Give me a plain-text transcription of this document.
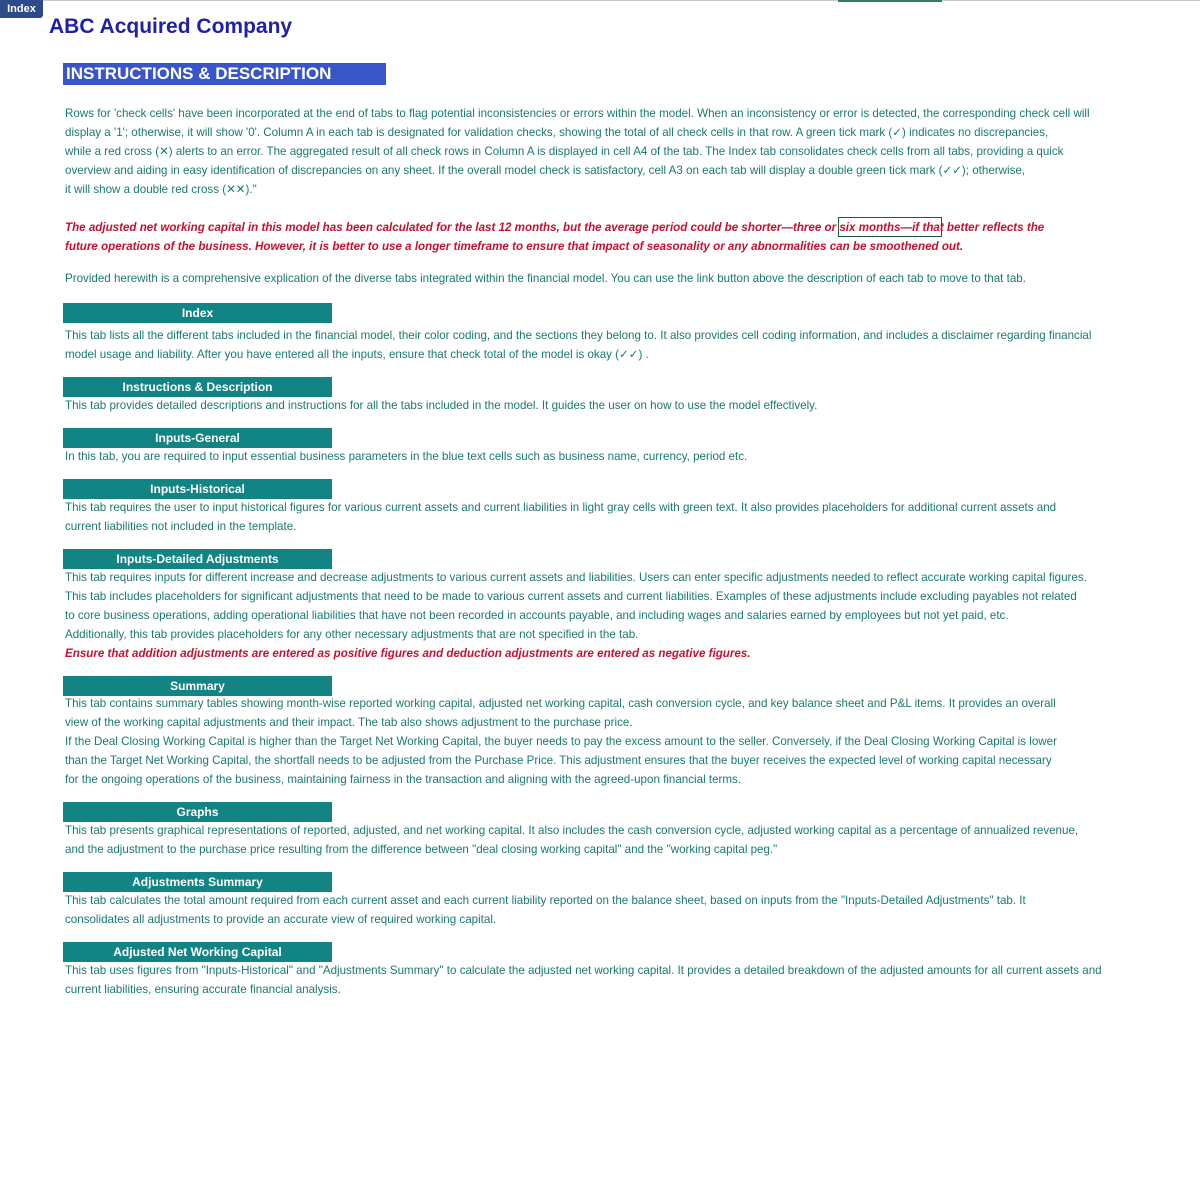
Index
ABC Acquired Company
INSTRUCTIONS & DESCRIPTION

Rows for 'check cells' have been incorporated at the end of tabs to flag potential inconsistencies or errors within the model. When an inconsistency or error is detected, the corresponding check cell will
display a '1'; otherwise, it will show '0'. Column A in each tab is designated for validation checks, showing the total of all check cells in that row. A green tick mark (✓) indicates no discrepancies,
while a red cross (✕) alerts to an error. The aggregated result of all check rows in Column A is displayed in cell A4 of the tab. The Index tab consolidates check cells from all tabs, providing a quick
overview and aiding in easy identification of discrepancies on any sheet. If the overall model check is satisfactory, cell A3 on each tab will display a double green tick mark (✓✓); otherwise,
it will show a double red cross (✕✕)."

The adjusted net working capital in this model has been calculated for the last 12 months, but the average period could be shorter—three or six months—if that better reflects the
future operations of the business. However, it is better to use a longer timeframe to ensure that impact of seasonality or any abnormalities can be smoothened out.

Provided herewith is a comprehensive explication of the diverse tabs integrated within the financial model. You can use the link button above the description of each tab to move to that tab.

Index

This tab lists all the different tabs included in the financial model, their color coding, and the sections they belong to. It also provides cell coding information, and includes a disclaimer regarding financial
model usage and liability. After you have entered all the inputs, ensure that check total of the model is okay (✓✓) .

Instructions & Description

This tab provides detailed descriptions and instructions for all the tabs included in the model. It guides the user on how to use the model effectively.

Inputs-General

In this tab, you are required to input essential business parameters in the blue text cells such as business name, currency, period etc.

Inputs-Historical

This tab requires the user to input historical figures for various current assets and current liabilities in light gray cells with green text. It also provides placeholders for additional current assets and
current liabilities not included in the template.

Inputs-Detailed Adjustments

This tab requires inputs for different increase and decrease adjustments to various current assets and liabilities. Users can enter specific adjustments needed to reflect accurate working capital figures.
This tab includes placeholders for significant adjustments that need to be made to various current assets and current liabilities. Examples of these adjustments include excluding payables not related
to core business operations, adding operational liabilities that have not been recorded in accounts payable, and including wages and salaries earned by employees but not yet paid, etc.
Additionally, this tab provides placeholders for any other necessary adjustments that are not specified in the tab.
Ensure that addition adjustments are entered as positive figures and deduction adjustments are entered as negative figures.

Summary

This tab contains summary tables showing month-wise reported working capital, adjusted net working capital, cash conversion cycle, and key balance sheet and P&L items. It provides an overall
view of the working capital adjustments and their impact. The tab also shows adjustment to the purchase price.
If the Deal Closing Working Capital is higher than the Target Net Working Capital, the buyer needs to pay the excess amount to the seller. Conversely, if the Deal Closing Working Capital is lower
than the Target Net Working Capital, the shortfall needs to be adjusted from the Purchase Price. This adjustment ensures that the buyer receives the expected level of working capital necessary
for the ongoing operations of the business, maintaining fairness in the transaction and aligning with the agreed-upon financial terms.

Graphs

This tab presents graphical representations of reported, adjusted, and net working capital. It also includes the cash conversion cycle, adjusted working capital as a percentage of annualized revenue,
and the adjustment to the purchase price resulting from the difference between "deal closing working capital" and the "working capital peg."

Adjustments Summary

This tab calculates the total amount required from each current asset and each current liability reported on the balance sheet, based on inputs from the "Inputs-Detailed Adjustments" tab. It
consolidates all adjustments to provide an accurate view of required working capital.

Adjusted Net Working Capital

This tab uses figures from "Inputs-Historical" and "Adjustments Summary" to calculate the adjusted net working capital. It provides a detailed breakdown of the adjusted amounts for all current assets and
current liabilities, ensuring accurate financial analysis.
